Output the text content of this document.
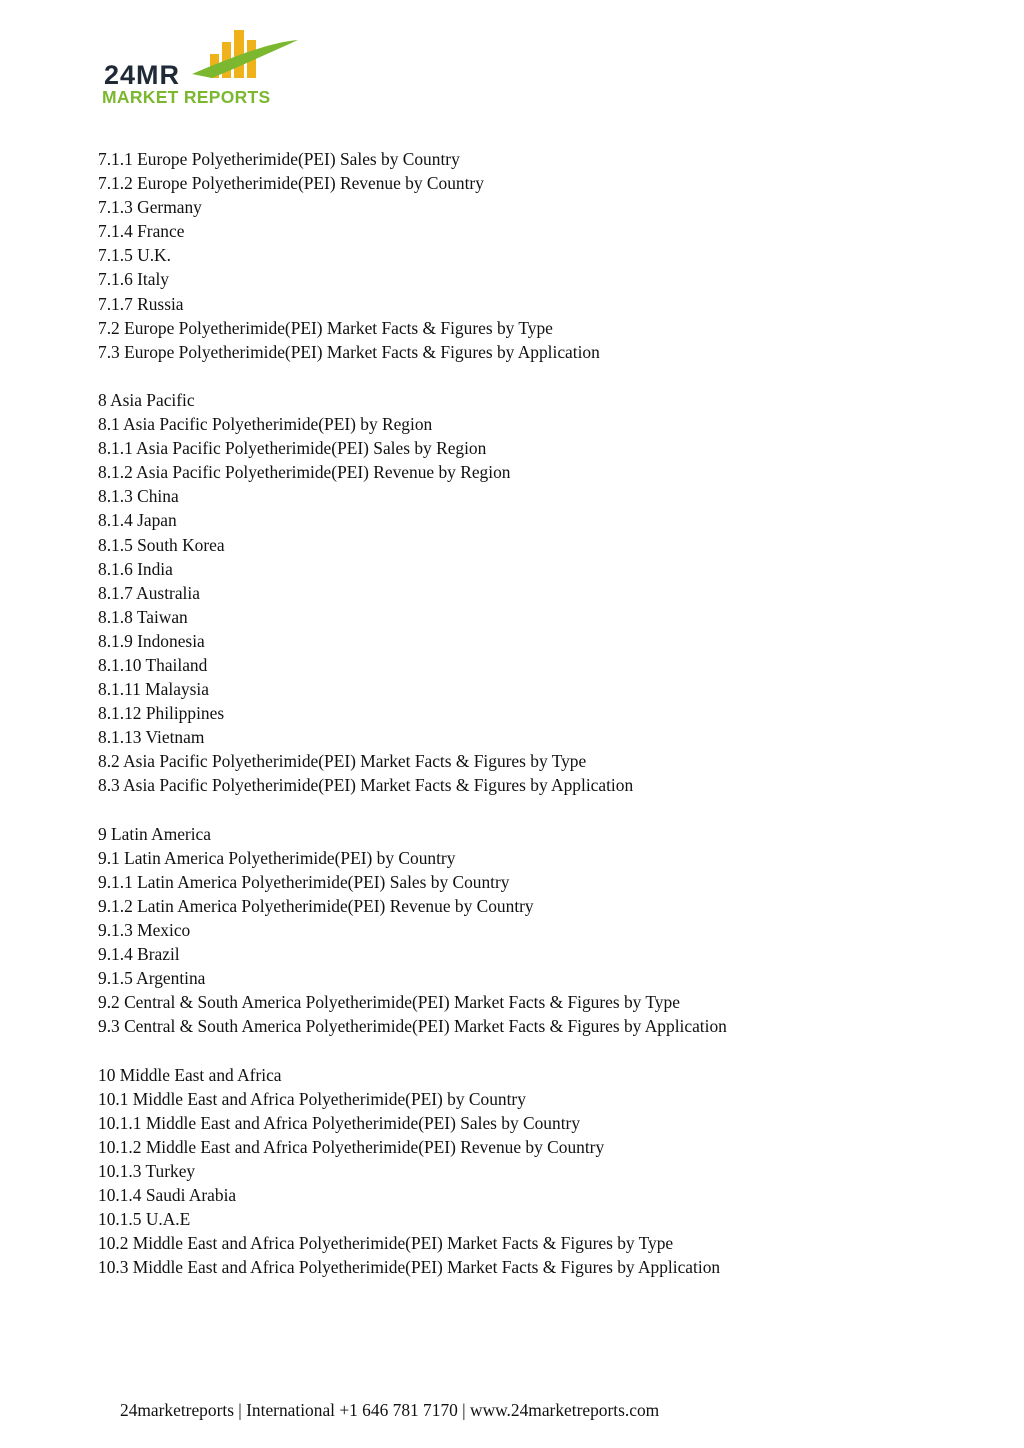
24MR
MARKET REPORTS
7.1.1 Europe Polyetherimide(PEI) Sales by Country
7.1.2 Europe Polyetherimide(PEI) Revenue by Country
7.1.3 Germany
7.1.4 France
7.1.5 U.K.
7.1.6 Italy
7.1.7 Russia
7.2 Europe Polyetherimide(PEI) Market Facts & Figures by Type
7.3 Europe Polyetherimide(PEI) Market Facts & Figures by Application
8 Asia Pacific
8.1 Asia Pacific Polyetherimide(PEI) by Region
8.1.1 Asia Pacific Polyetherimide(PEI) Sales by Region
8.1.2 Asia Pacific Polyetherimide(PEI) Revenue by Region
8.1.3 China
8.1.4 Japan
8.1.5 South Korea
8.1.6 India
8.1.7 Australia
8.1.8 Taiwan
8.1.9 Indonesia
8.1.10 Thailand
8.1.11 Malaysia
8.1.12 Philippines
8.1.13 Vietnam
8.2 Asia Pacific Polyetherimide(PEI) Market Facts & Figures by Type
8.3 Asia Pacific Polyetherimide(PEI) Market Facts & Figures by Application
9 Latin America
9.1 Latin America Polyetherimide(PEI) by Country
9.1.1 Latin America Polyetherimide(PEI) Sales by Country
9.1.2 Latin America Polyetherimide(PEI) Revenue by Country
9.1.3 Mexico
9.1.4 Brazil
9.1.5 Argentina
9.2 Central & South America Polyetherimide(PEI) Market Facts & Figures by Type
9.3 Central & South America Polyetherimide(PEI) Market Facts & Figures by Application
10 Middle East and Africa
10.1 Middle East and Africa Polyetherimide(PEI) by Country
10.1.1 Middle East and Africa Polyetherimide(PEI) Sales by Country
10.1.2 Middle East and Africa Polyetherimide(PEI) Revenue by Country
10.1.3 Turkey
10.1.4 Saudi Arabia
10.1.5 U.A.E
10.2 Middle East and Africa Polyetherimide(PEI) Market Facts & Figures by Type
10.3 Middle East and Africa Polyetherimide(PEI) Market Facts & Figures by Application
24marketreports | International +1 646 781 7170 | www.24marketreports.com
